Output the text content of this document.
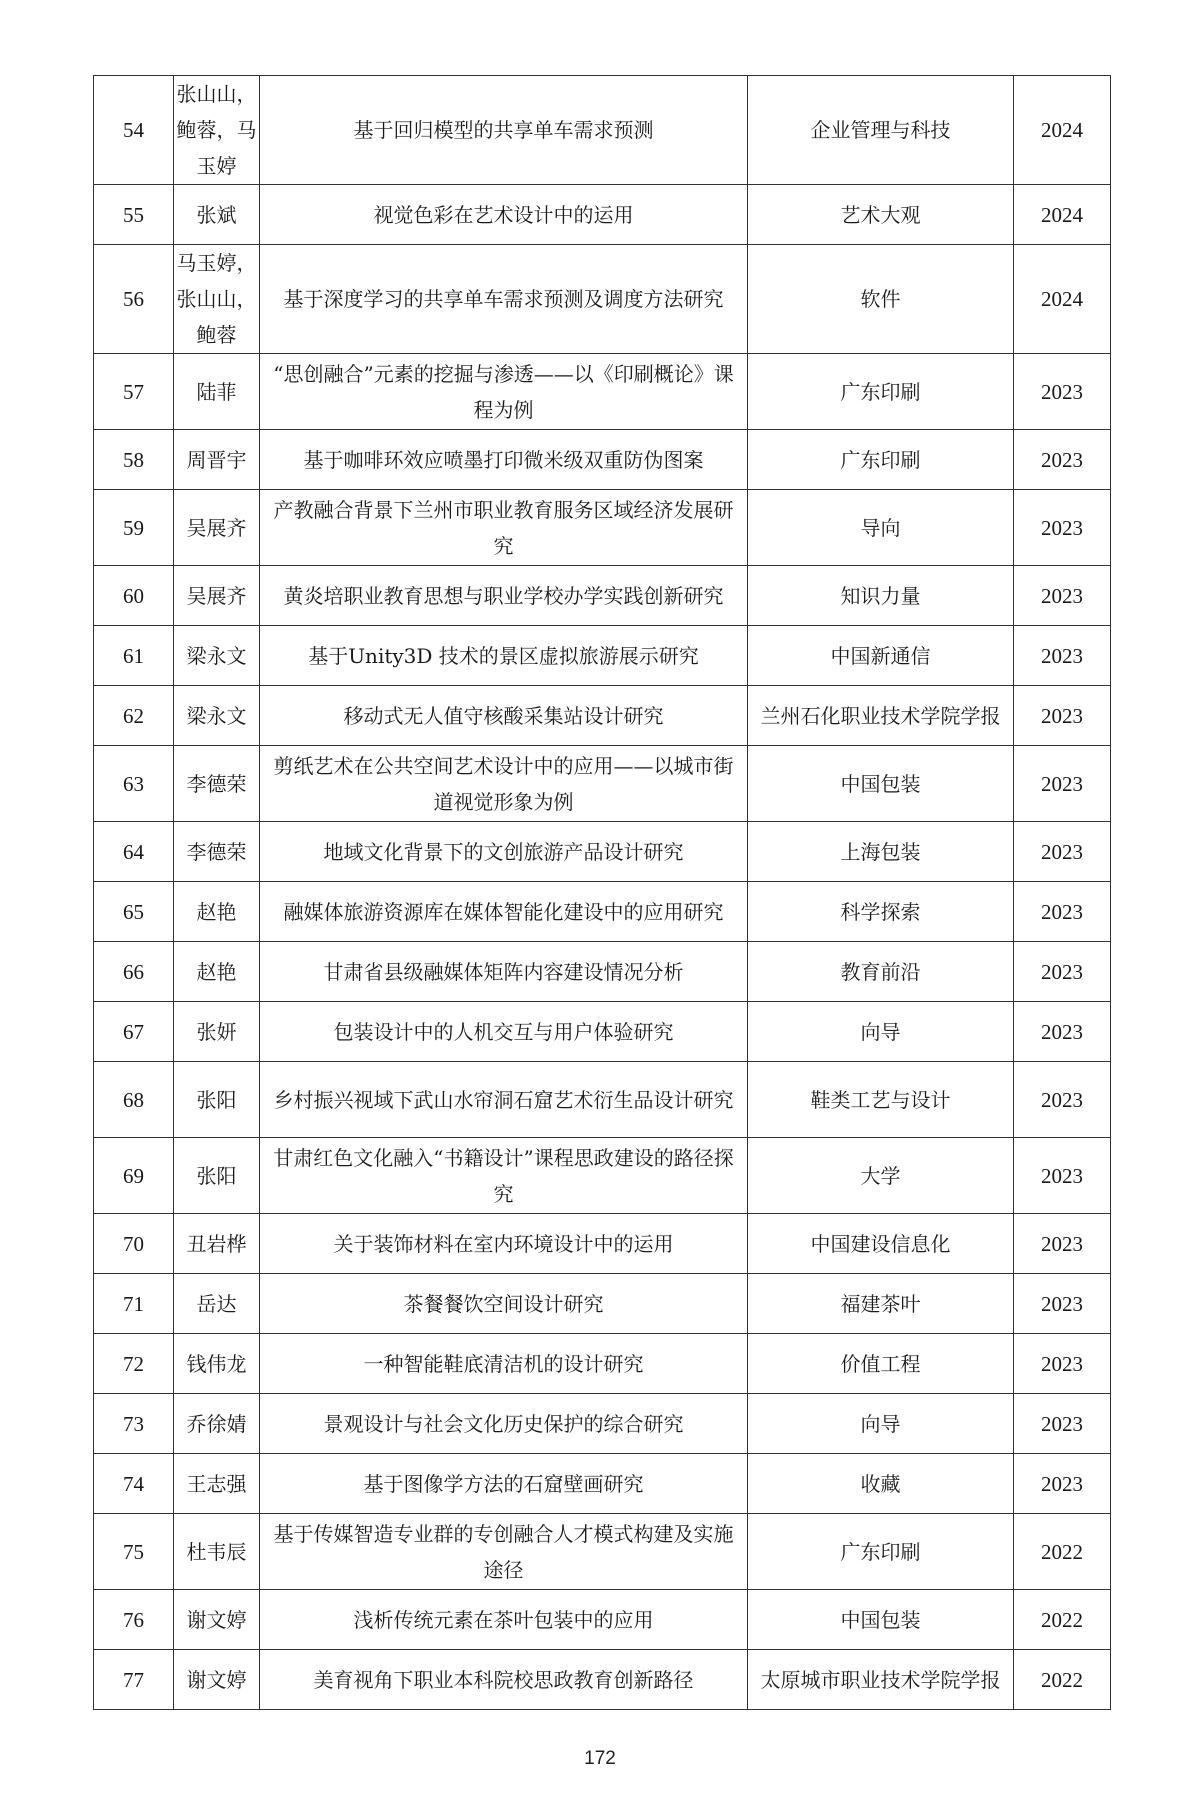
54	张山山，鲍蓉，马玉婷	基于回归模型的共享单车需求预测	企业管理与科技	2024
55	张斌	视觉色彩在艺术设计中的运用	艺术大观	2024
56	马玉婷，张山山，鲍蓉	基于深度学习的共享单车需求预测及调度方法研究	软件	2024
57	陆菲	“思创融合”元素的挖掘与渗透——以《印刷概论》课程为例	广东印刷	2023
58	周晋宇	基于咖啡环效应喷墨打印微米级双重防伪图案	广东印刷	2023
59	吴展齐	产教融合背景下兰州市职业教育服务区域经济发展研究	导向	2023
60	吴展齐	黄炎培职业教育思想与职业学校办学实践创新研究	知识力量	2023
61	梁永文	基于Unity3D 技术的景区虚拟旅游展示研究	中国新通信	2023
62	梁永文	移动式无人值守核酸采集站设计研究	兰州石化职业技术学院学报	2023
63	李德荣	剪纸艺术在公共空间艺术设计中的应用——以城市街道视觉形象为例	中国包装	2023
64	李德荣	地域文化背景下的文创旅游产品设计研究	上海包装	2023
65	赵艳	融媒体旅游资源库在媒体智能化建设中的应用研究	科学探索	2023
66	赵艳	甘肃省县级融媒体矩阵内容建设情况分析	教育前沿	2023
67	张妍	包装设计中的人机交互与用户体验研究	向导	2023
68	张阳	乡村振兴视域下武山水帘洞石窟艺术衍生品设计研究	鞋类工艺与设计	2023
69	张阳	甘肃红色文化融入“书籍设计”课程思政建设的路径探究	大学	2023
70	丑岩桦	关于装饰材料在室内环境设计中的运用	中国建设信息化	2023
71	岳达	茶餐餐饮空间设计研究	福建茶叶	2023
72	钱伟龙	一种智能鞋底清洁机的设计研究	价值工程	2023
73	乔徐婧	景观设计与社会文化历史保护的综合研究	向导	2023
74	王志强	基于图像学方法的石窟壁画研究	收藏	2023
75	杜韦辰	基于传媒智造专业群的专创融合人才模式构建及实施途径	广东印刷	2022
76	谢文婷	浅析传统元素在茶叶包装中的应用	中国包装	2022
77	谢文婷	美育视角下职业本科院校思政教育创新路径	太原城市职业技术学院学报	2022
172
